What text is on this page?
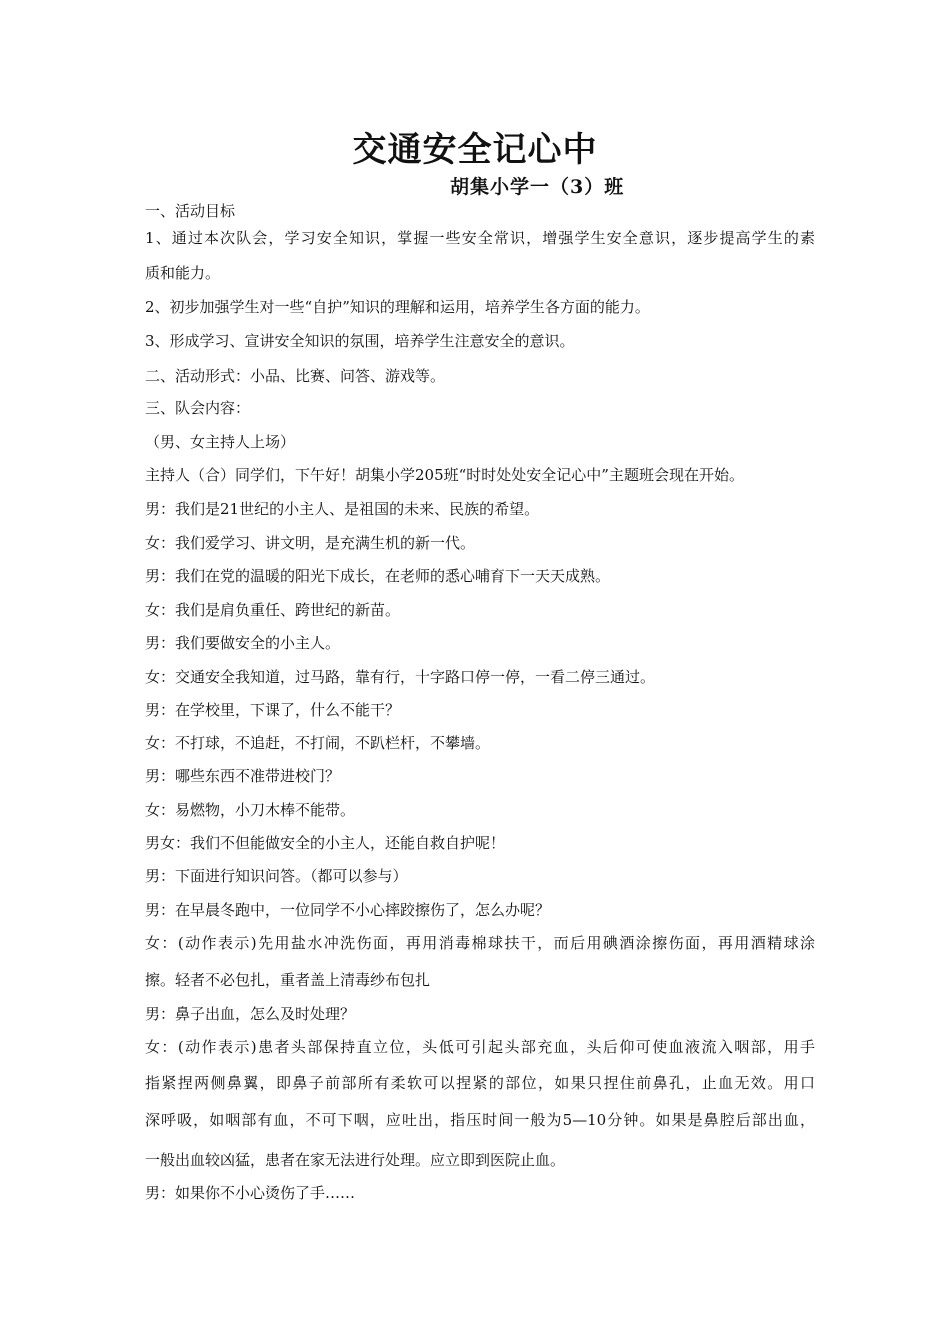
交通安全记心中
胡集小学一（3）班
一、活动目标
1、通过本次队会，学习安全知识，掌握一些安全常识，增强学生安全意识，逐步提高学生的素
质和能力。
2、初步加强学生对一些“自护”知识的理解和运用，培养学生各方面的能力。
3、形成学习、宣讲安全知识的氛围，培养学生注意安全的意识。
二、活动形式：小品、比赛、问答、游戏等。
三、队会内容：
（男、女主持人上场）
主持人（合）同学们，下午好！胡集小学205班“时时处处安全记心中”主题班会现在开始。
男：我们是21世纪的小主人、是祖国的未来、民族的希望。
女：我们爱学习、讲文明，是充满生机的新一代。
男：我们在党的温暖的阳光下成长，在老师的悉心哺育下一天天成熟。
女：我们是肩负重任、跨世纪的新苗。
男：我们要做安全的小主人。
女：交通安全我知道，过马路，靠有行，十字路口停一停，一看二停三通过。
男：在学校里，下课了，什么不能干？
女：不打球，不追赶，不打闹，不趴栏杆，不攀墙。
男：哪些东西不准带进校门？
女：易燃物，小刀木棒不能带。
男女：我们不但能做安全的小主人，还能自救自护呢！
男：下面进行知识问答。（都可以参与）
男：在早晨冬跑中，一位同学不小心摔跤擦伤了，怎么办呢？
女：(动作表示)先用盐水冲洗伤面，再用消毒棉球扶干，而后用碘酒涂擦伤面，再用酒精球涂
擦。轻者不必包扎，重者盖上清毒纱布包扎
男：鼻子出血，怎么及时处理？
女：(动作表示)患者头部保持直立位，头低可引起头部充血，头后仰可使血液流入咽部，用手
指紧捏两侧鼻翼，即鼻子前部所有柔软可以捏紧的部位，如果只捏住前鼻孔，止血无效。用口
深呼吸，如咽部有血，不可下咽，应吐出，指压时间一般为5—10分钟。如果是鼻腔后部出血，
一般出血较凶猛，患者在家无法进行处理。应立即到医院止血。
男：如果你不小心烫伤了手……
